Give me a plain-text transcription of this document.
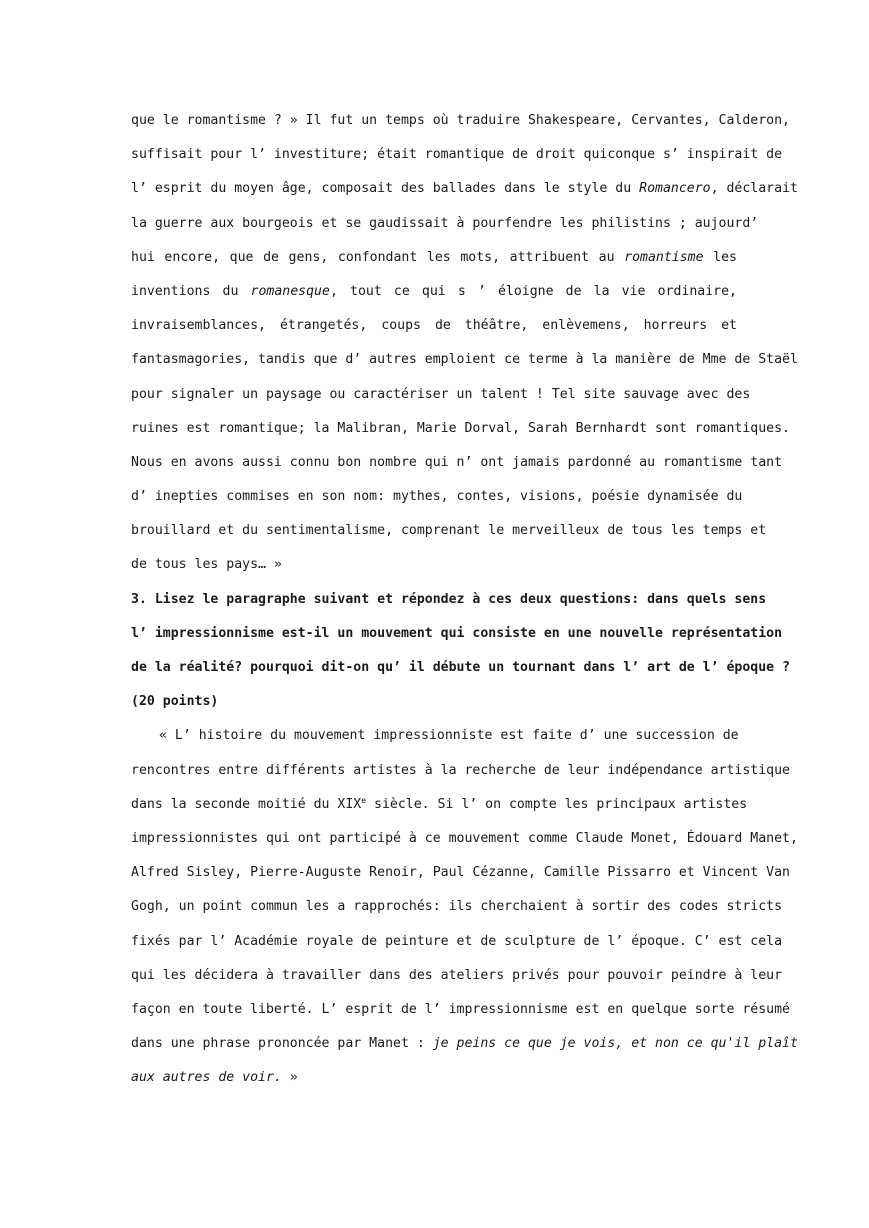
que le romantisme ? » Il fut un temps où traduire Shakespeare, Cervantes, Calderon,
suffisait pour l’ investiture; était romantique de droit quiconque s’ inspirait de
l’ esprit du moyen âge, composait des ballades dans le style du Romancero, déclarait
la guerre aux bourgeois et se gaudissait à pourfendre les philistins ; aujourd’
hui encore, que de gens, confondant les mots, attribuent au romantisme les
inventions du romanesque, tout ce qui s ’ éloigne de la vie ordinaire,
invraisemblances, étrangetés, coups de théâtre, enlèvemens, horreurs et
fantasmagories, tandis que d’ autres emploient ce terme à la manière de Mme de Staël
pour signaler un paysage ou caractériser un talent ! Tel site sauvage avec des
ruines est romantique; la Malibran, Marie Dorval, Sarah Bernhardt sont romantiques.
Nous en avons aussi connu bon nombre qui n’ ont jamais pardonné au romantisme tant
d’ inepties commises en son nom: mythes, contes, visions, poésie dynamisée du
brouillard et du sentimentalisme, comprenant le merveilleux de tous les temps et
de tous les pays… »
3. Lisez le paragraphe suivant et répondez à ces deux questions: dans quels sens
l’ impressionnisme est-il un mouvement qui consiste en une nouvelle représentation
de la réalité? pourquoi dit-on qu’ il débute un tournant dans l’ art de l’ époque ?
(20 points)
« L’ histoire du mouvement impressionniste est faite d’ une succession de
rencontres entre différents artistes à la recherche de leur indépendance artistique
dans la seconde moitié du XIXe siècle. Si l’ on compte les principaux artistes
impressionnistes qui ont participé à ce mouvement comme Claude Monet, Édouard Manet,
Alfred Sisley, Pierre-Auguste Renoir, Paul Cézanne, Camille Pissarro et Vincent Van
Gogh, un point commun les a rapprochés: ils cherchaient à sortir des codes stricts
fixés par l’ Académie royale de peinture et de sculpture de l’ époque. C’ est cela
qui les décidera à travailler dans des ateliers privés pour pouvoir peindre à leur
façon en toute liberté. L’ esprit de l’ impressionnisme est en quelque sorte résumé
dans une phrase prononcée par Manet : je peins ce que je vois, et non ce qu'il plaît
aux autres de voir. »
